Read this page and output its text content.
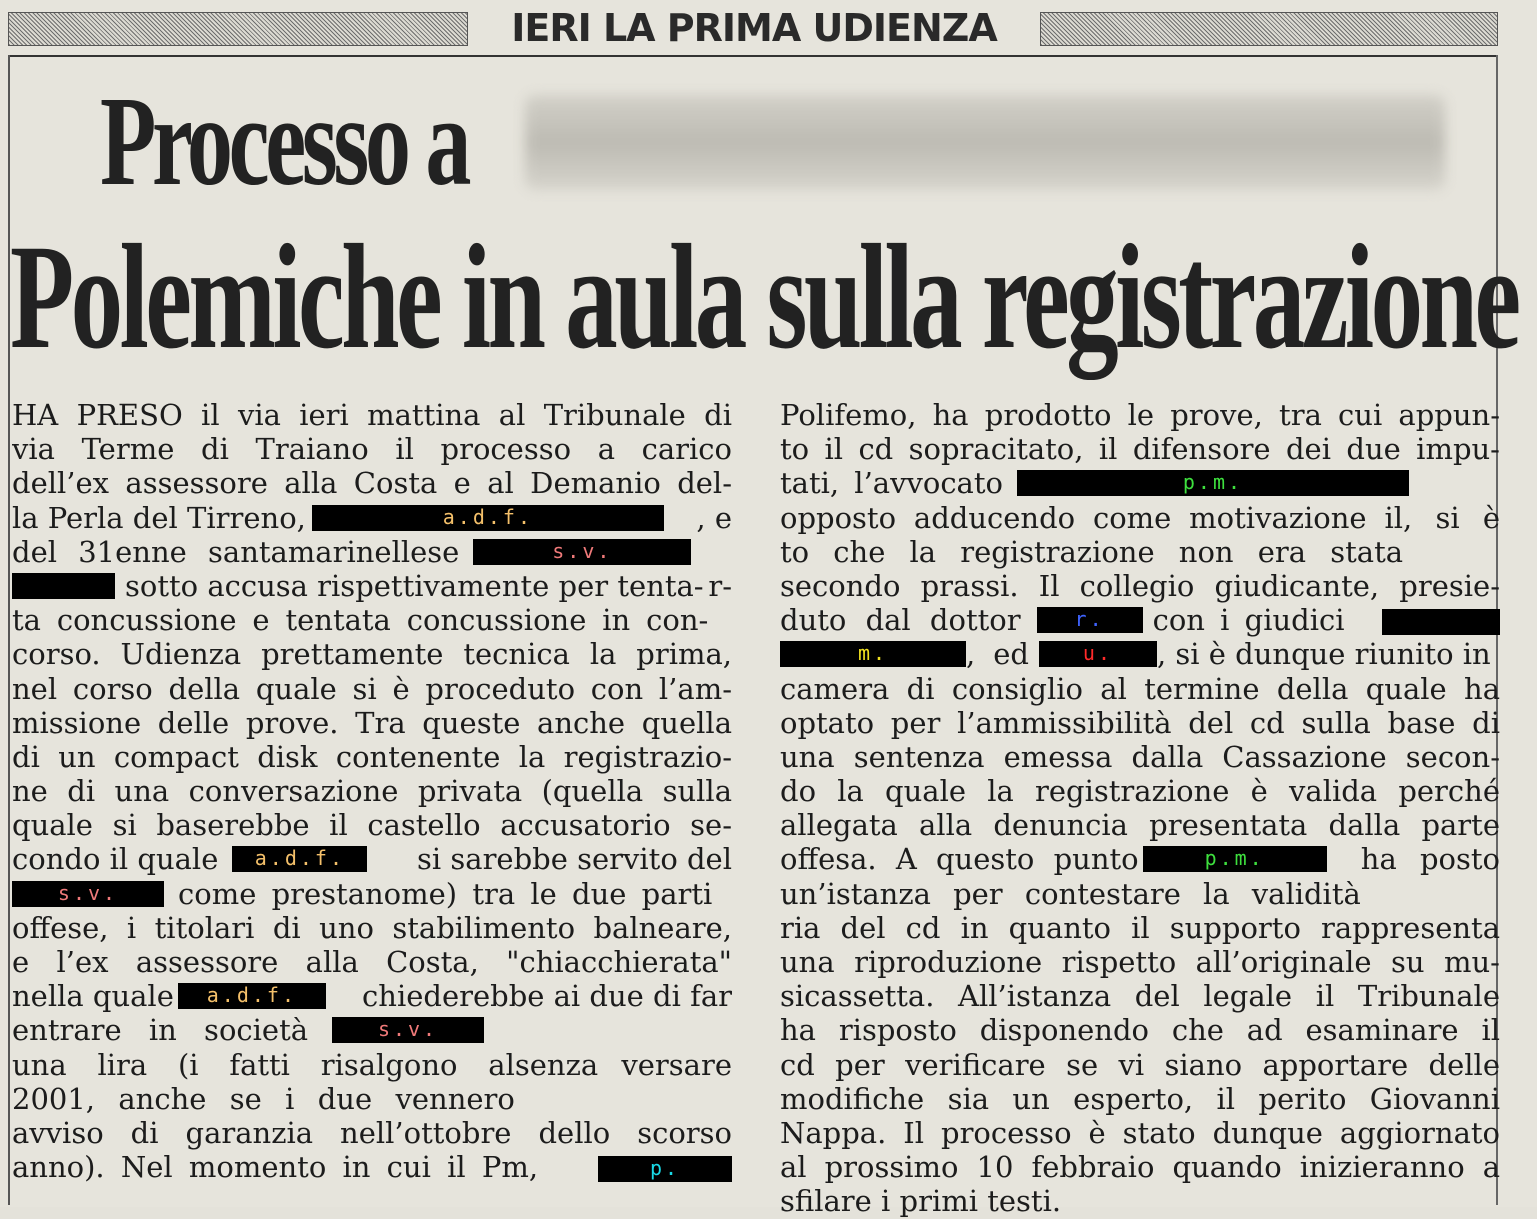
IERI LA PRIMA UDIENZA
Processo a
Polemiche in aula sulla registrazione
HA PRESO il via ieri mattina al Tribunale di
via Terme di Traiano il processo a carico
dell’ex assessore alla Costa e al Demanio del-
la Perla del Tirreno,	a.d.f.	, e
del 31enne santamarinellese	s.v.
r-
sotto accusa rispettivamente per tenta-
ta concussione e tentata concussione in con-
corso. Udienza prettamente tecnica la prima,
nel corso della quale si è proceduto con l’am-
missione delle prove. Tra queste anche quella
di un compact disk contenente la registrazio-
ne di una conversazione privata (quella sulla
quale si baserebbe il castello accusatorio se-
condo il quale a.d.f. si sarebbe servito del
s.v. come prestanome) tra le due parti
offese, i titolari di uno stabilimento balneare,
e l’ex assessore alla Costa, "chiacchierata"
nella quale a.d.f. chiederebbe ai due di far
entrare in società	s.v.
senza versare
una lira (i fatti risalgono al
2001, anche se i due vennero
avviso di garanzia nell’ottobre dello scorso
anno). Nel momento in cui il Pm,	p.
Polifemo, ha prodotto le prove, tra cui appun-
to il cd sopracitato, il difensore dei due impu-
tati, l’avvocato	p.m.
, si è
opposto adducendo come motivazione il
to che la registrazione non era stata
secondo prassi. Il collegio giudicante, presie-
duto dal dottor	r. con i giudici
m.	, ed	u. , si è dunque riunito in
camera di consiglio al termine della quale ha
optato per l’ammissibilità del cd sulla base di
una sentenza emessa dalla Cassazione secon-
do la quale la registrazione è valida perché
allegata alla denuncia presentata dalla parte
offesa. A questo punto	p.m.	ha posto
un’istanza per contestare la validità
ria del cd in quanto il supporto rappresenta
una riproduzione rispetto all’originale su mu-
sicassetta. All’istanza del legale il Tribunale
ha risposto disponendo che ad esaminare il
cd per verificare se vi siano apportare delle
modifiche sia un esperto, il perito Giovanni
Nappa. Il processo è stato dunque aggiornato
al prossimo 10 febbraio quando inizieranno a
sfilare i primi testi.
